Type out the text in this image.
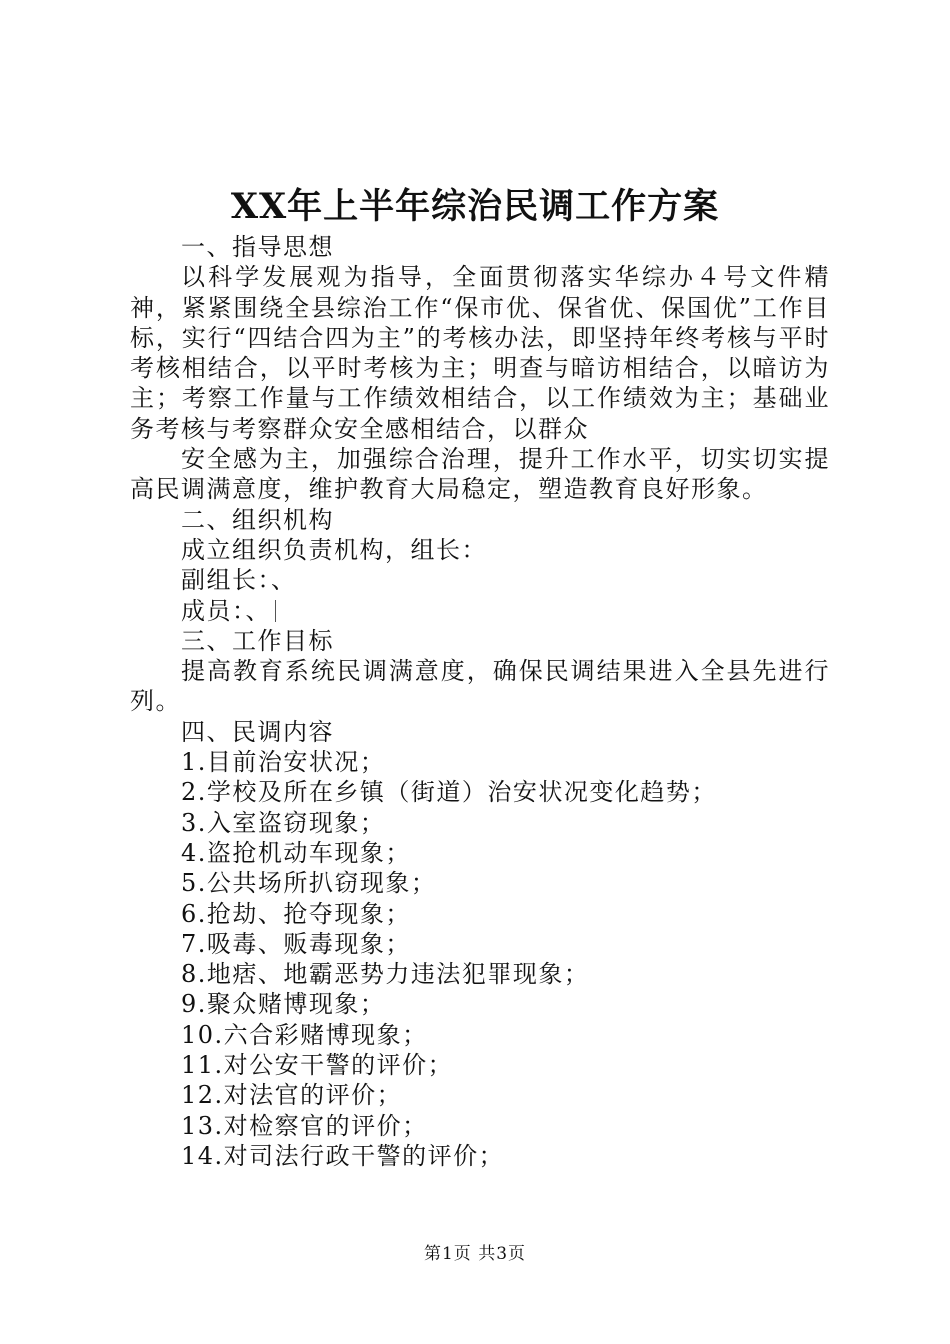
XX年上半年综治民调工作方案

一、指导思想

以科学发展观为指导，全面贯彻落实华综办４号文件精神，紧紧围绕全县综治工作“保市优、保省优、保国优”工作目标，实行“四结合四为主”的考核办法，即坚持年终考核与平时考核相结合，以平时考核为主；明查与暗访相结合，以暗访为主；考察工作量与工作绩效相结合，以工作绩效为主；基础业务考核与考察群众安全感相结合，以群众

安全感为主，加强综合治理，提升工作水平，切实切实提高民调满意度，维护教育大局稳定，塑造教育良好形象。

二、组织机构

成立组织负责机构，组长：

副组长：、

成员：、

三、工作目标

提高教育系统民调满意度，确保民调结果进入全县先进行列。

四、民调内容

1.目前治安状况；

2.学校及所在乡镇（街道）治安状况变化趋势；

3.入室盗窃现象；

4.盗抢机动车现象；

5.公共场所扒窃现象；

6.抢劫、抢夺现象；

7.吸毒、贩毒现象；

8.地痞、地霸恶势力违法犯罪现象；

9.聚众赌博现象；

10.六合彩赌博现象；

11.对公安干警的评价；

12.对法官的评价；

13.对检察官的评价；

14.对司法行政干警的评价；

第1页 共3页
